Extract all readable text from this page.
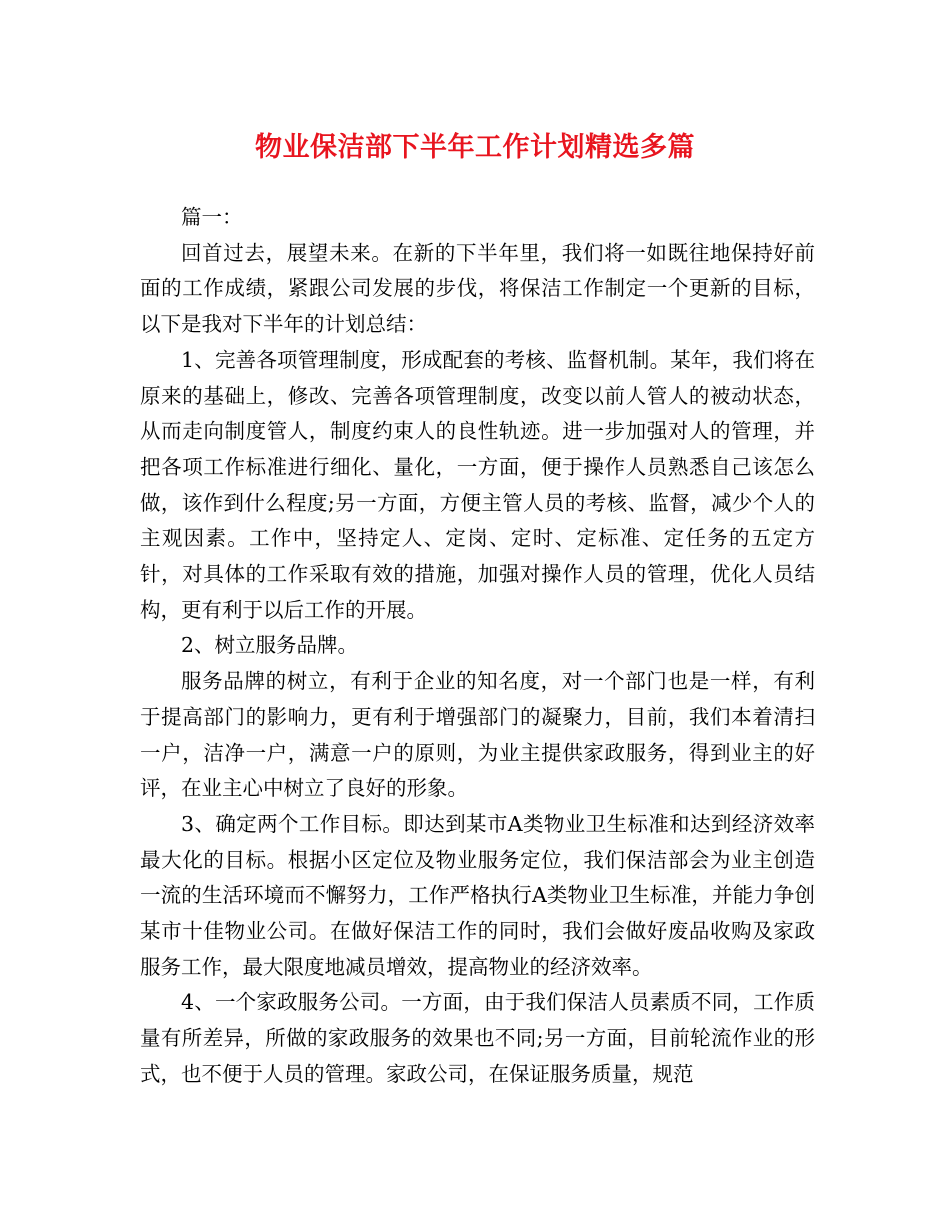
物业保洁部下半年工作计划精选多篇

篇一：

回首过去，展望未来。在新的下半年里，我们将一如既往地保持好前面的工作成绩，紧跟公司发展的步伐，将保洁工作制定一个更新的目标，以下是我对下半年的计划总结：

1、完善各项管理制度，形成配套的考核、监督机制。某年，我们将在原来的基础上，修改、完善各项管理制度，改变以前人管人的被动状态，从而走向制度管人，制度约束人的良性轨迹。进一步加强对人的管理，并把各项工作标准进行细化、量化，一方面，便于操作人员熟悉自己该怎么做，该作到什么程度;另一方面，方便主管人员的考核、监督，减少个人的主观因素。工作中，坚持定人、定岗、定时、定标准、定任务的五定方针，对具体的工作采取有效的措施，加强对操作人员的管理，优化人员结构，更有利于以后工作的开展。

2、树立服务品牌。

服务品牌的树立，有利于企业的知名度，对一个部门也是一样，有利于提高部门的影响力，更有利于增强部门的凝聚力，目前，我们本着清扫一户，洁净一户，满意一户的原则，为业主提供家政服务，得到业主的好评，在业主心中树立了良好的形象。

3、确定两个工作目标。即达到某市A类物业卫生标准和达到经济效率最大化的目标。根据小区定位及物业服务定位，我们保洁部会为业主创造一流的生活环境而不懈努力，工作严格执行A类物业卫生标准，并能力争创某市十佳物业公司。在做好保洁工作的同时，我们会做好废品收购及家政服务工作，最大限度地减员增效，提高物业的经济效率。

4、一个家政服务公司。一方面，由于我们保洁人员素质不同，工作质量有所差异，所做的家政服务的效果也不同;另一方面，目前轮流作业的形式，也不便于人员的管理。家政公司，在保证服务质量，规范
